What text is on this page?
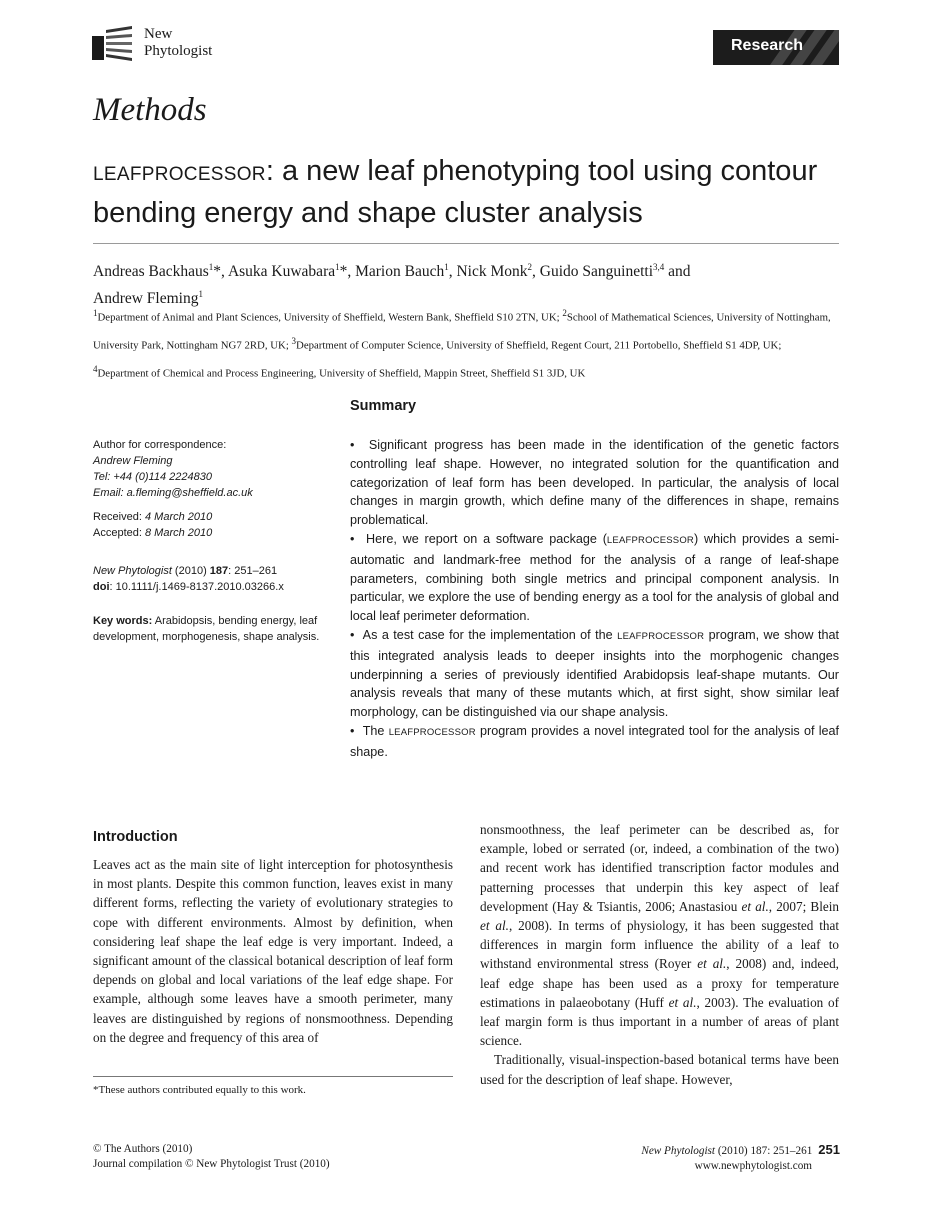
New
Phytologist	Research
Methods
LEAFPROCESSOR: a new leaf phenotyping tool using contour bending energy and shape cluster analysis
Andreas Backhaus$^1$*, Asuka Kuwabara$^1$*, Marion Bauch$^1$, Nick Monk$^2$, Guido Sanguinetti$^{3,4}$ and
Andrew Fleming$^1$
$^1$Department of Animal and Plant Sciences, University of Sheffield, Western Bank, Sheffield S10 2TN, UK; $^2$School of Mathematical Sciences, University of Nottingham, University Park, Nottingham NG7 2RD, UK; $^3$Department of Computer Science, University of Sheffield, Regent Court, 211 Portobello, Sheffield S1 4DP, UK; $^4$Department of Chemical and Process Engineering, University of Sheffield, Mappin Street, Sheffield S1 3JD, UK

Author for correspondence:

Andrew Fleming

Tel: +44 (0)114 2224830

Email: a.fleming@sheffield.ac.uk

Received: 4 March 2010

Accepted: 8 March 2010

New Phytologist (2010) 187: 251–261

doi: 10.1111/j.1469-8137.2010.03266.x

Key words: Arabidopsis, bending energy, leaf development, morphogenesis, shape analysis.

Summary

• Significant progress has been made in the identification of the genetic factors controlling leaf shape. However, no integrated solution for the quantification and categorization of leaf form has been developed. In particular, the analysis of local changes in margin growth, which define many of the differences in shape, remains problematical.

• Here, we report on a software package (LEAFPROCESSOR) which provides a semi-automatic and landmark-free method for the analysis of a range of leaf-shape parameters, combining both single metrics and principal component analysis. In particular, we explore the use of bending energy as a tool for the analysis of global and local leaf perimeter deformation.

• As a test case for the implementation of the LEAFPROCESSOR program, we show that this integrated analysis leads to deeper insights into the morphogenic changes underpinning a series of previously identified Arabidopsis leaf-shape mutants. Our analysis reveals that many of these mutants which, at first sight, show similar leaf morphology, can be distinguished via our shape analysis.

• The LEAFPROCESSOR program provides a novel integrated tool for the analysis of leaf shape.

Introduction

Leaves act as the main site of light interception for photosynthesis in most plants. Despite this common function, leaves exist in many different forms, reflecting the variety of evolutionary strategies to cope with different environments. Almost by definition, when considering leaf shape the leaf edge is very important. Indeed, a significant amount of the classical botanical description of leaf form depends on global and local variations of the leaf edge shape. For example, although some leaves have a smooth perimeter, many leaves are distinguished by regions of nonsmoothness. Depending on the degree and frequency of this area of

nonsmoothness, the leaf perimeter can be described as, for example, lobed or serrated (or, indeed, a combination of the two) and recent work has identified transcription factor modules and patterning processes that underpin this key aspect of leaf development (Hay & Tsiantis, 2006; Anastasiou et al., 2007; Blein et al., 2008). In terms of physiology, it has been suggested that differences in margin form influence the ability of a leaf to withstand environmental stress (Royer et al., 2008) and, indeed, leaf edge shape has been used as a proxy for temperature estimations in palaeobotany (Huff et al., 2003). The evaluation of leaf margin form is thus important in a number of areas of plant science.

Traditionally, visual-inspection-based botanical terms have been used for the description of leaf shape. However,

*These authors contributed equally to this work.
© The Authors (2010)
Journal compilation © New Phytologist Trust (2010)
New Phytologist (2010) 187: 251–261 251
www.newphytologist.com
